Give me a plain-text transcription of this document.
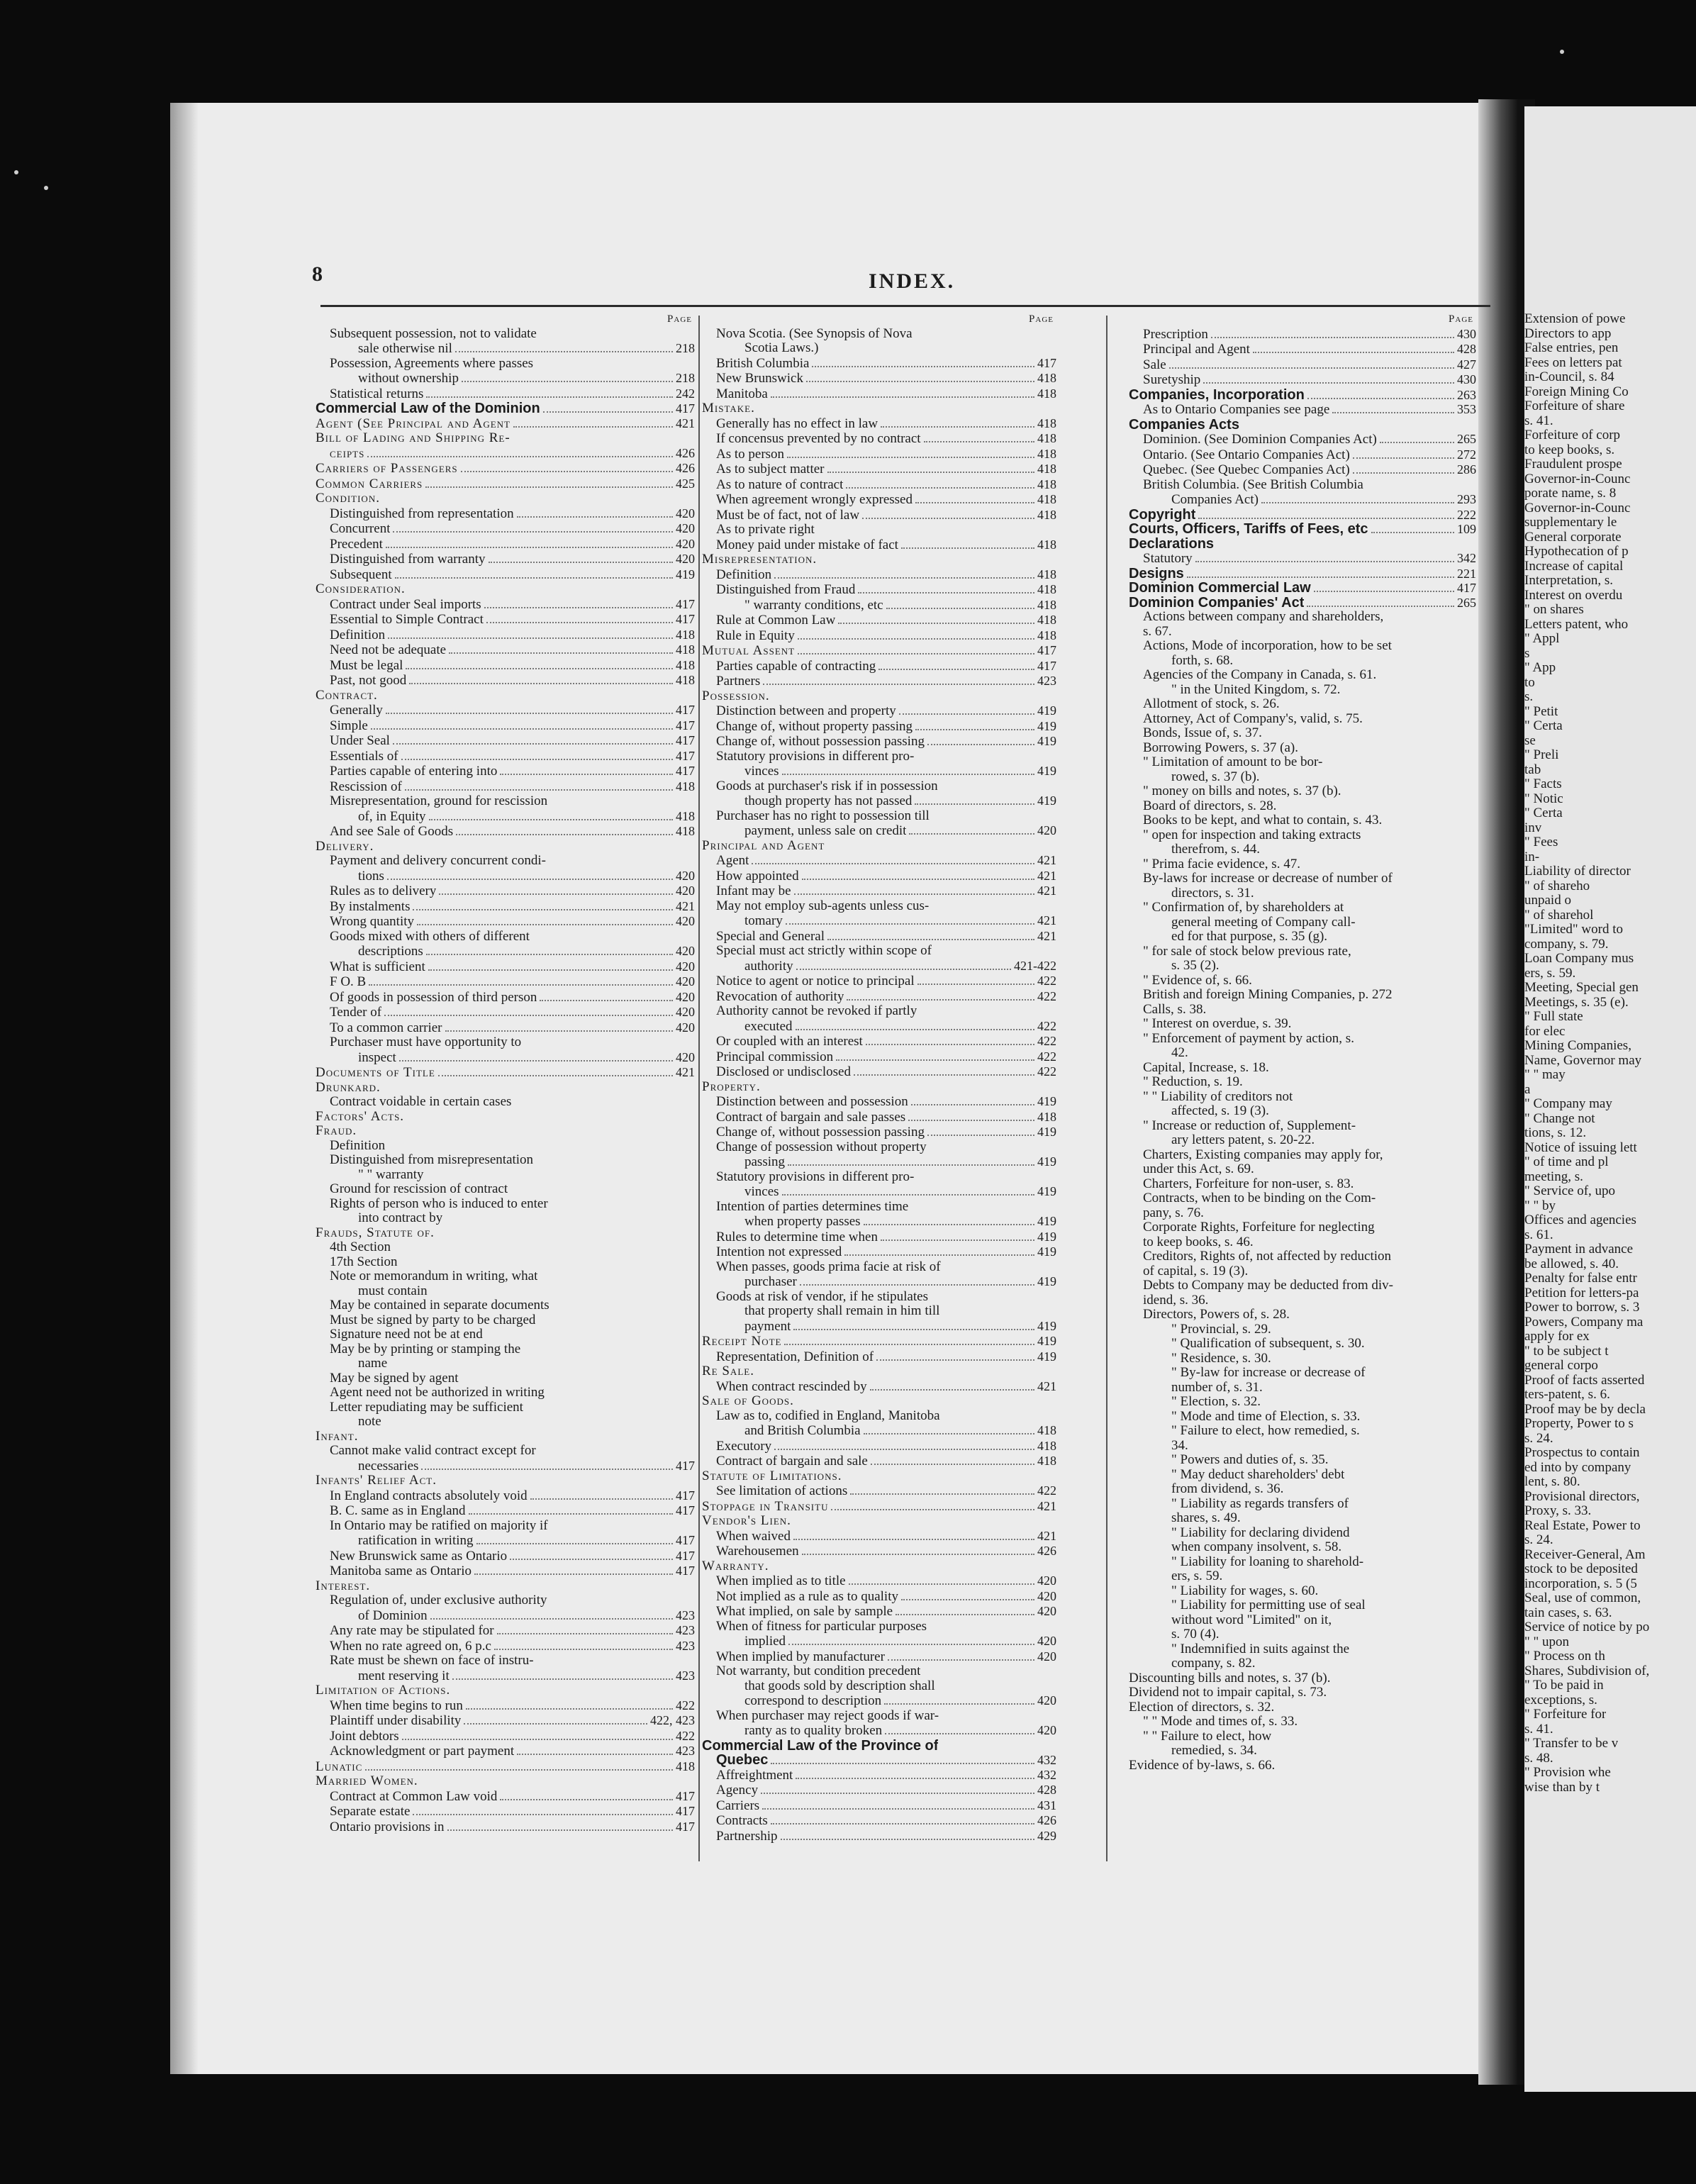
8	INDEX.
Page
Subsequent possession, not to validate
sale otherwise nil	218
Possession, Agreements where passes
without ownership	218
Statistical returns	242
Commercial Law of the Dominion	417
Agent (See Principal and Agent	421
Bill of Lading and Shipping Re-
ceipts	426
Carriers of Passengers	426
Common Carriers	425
Condition.
Distinguished from representation	420
Concurrent	420
Precedent	420
Distinguished from warranty	420
Subsequent	419
Consideration.
Contract under Seal imports	417
Essential to Simple Contract	417
Definition	418
Need not be adequate	418
Must be legal	418
Past, not good	418
Contract.
Generally	417
Simple	417
Under Seal	417
Essentials of	417
Parties capable of entering into	417
Rescission of	418
Misrepresentation, ground for rescission
of, in Equity	418
And see Sale of Goods	418
Delivery.
Payment and delivery concurrent condi-
tions	420
Rules as to delivery	420
By instalments	421
Wrong quantity	420
Goods mixed with others of different
descriptions	420
What is sufficient	420
F O. B	420
Of goods in possession of third person	420
Tender of	420
To a common carrier	420
Purchaser must have opportunity to
inspect	420
Documents of Title	421
Drunkard.
Contract voidable in certain cases
Factors' Acts.
Fraud.
Definition
Distinguished from misrepresentation
" " warranty
Ground for rescission of contract
Rights of person who is induced to enter
into contract by
Frauds, Statute of.
4th Section
17th Section
Note or memorandum in writing, what
must contain
May be contained in separate documents
Must be signed by party to be charged
Signature need not be at end
May be by printing or stamping the
name
May be signed by agent
Agent need not be authorized in writing
Letter repudiating may be sufficient
note
Infant.
Cannot make valid contract except for
necessaries	417
Infants' Relief Act.
In England contracts absolutely void	417
B. C. same as in England	417
In Ontario may be ratified on majority if
ratification in writing	417
New Brunswick same as Ontario	417
Manitoba same as Ontario	417
Interest.
Regulation of, under exclusive authority
of Dominion	423
Any rate may be stipulated for	423
When no rate agreed on, 6 p.c	423
Rate must be shewn on face of instru-
ment reserving it	423
Limitation of Actions.
When time begins to run	422
Plaintiff under disability	422, 423
Joint debtors	422
Acknowledgment or part payment	423
Lunatic	418
Married Women.
Contract at Common Law void	417
Separate estate	417
Ontario provisions in	417
Page
Nova Scotia. (See Synopsis of Nova
Scotia Laws.)
British Columbia	417
New Brunswick	418
Manitoba	418
Mistake.
Generally has no effect in law	418
If concensus prevented by no contract	418
As to person	418
As to subject matter	418
As to nature of contract	418
When agreement wrongly expressed	418
Must be of fact, not of law	418
As to private right
Money paid under mistake of fact	418
Misrepresentation.
Definition	418
Distinguished from Fraud	418
" warranty conditions, etc	418
Rule at Common Law	418
Rule in Equity	418
Mutual Assent	417
Parties capable of contracting	417
Partners	423
Possession.
Distinction between and property	419
Change of, without property passing	419
Change of, without possession passing	419
Statutory provisions in different pro-
vinces	419
Goods at purchaser's risk if in possession
though property has not passed	419
Purchaser has no right to possession till
payment, unless sale on credit	420
Principal and Agent
Agent	421
How appointed	421
Infant may be	421
May not employ sub-agents unless cus-
tomary	421
Special and General	421
Special must act strictly within scope of
authority	421-422
Notice to agent or notice to principal	422
Revocation of authority	422
Authority cannot be revoked if partly
executed	422
Or coupled with an interest	422
Principal commission	422
Disclosed or undisclosed	422
Property.
Distinction between and possession	419
Contract of bargain and sale passes	418
Change of, without possession passing	419
Change of possession without property
passing	419
Statutory provisions in different pro-
vinces	419
Intention of parties determines time
when property passes	419
Rules to determine time when	419
Intention not expressed	419
When passes, goods prima facie at risk of
purchaser	419
Goods at risk of vendor, if he stipulates
that property shall remain in him till
payment	419
Receipt Note	419
Representation, Definition of	419
Re Sale.
When contract rescinded by	421
Sale of Goods.
Law as to, codified in England, Manitoba
and British Columbia	418
Executory	418
Contract of bargain and sale	418
Statute of Limitations.
See limitation of actions	422
Stoppage in Transitu	421
Vendor's Lien.
When waived	421
Warehousemen	426
Warranty.
When implied as to title	420
Not implied as a rule as to quality	420
What implied, on sale by sample	420
When of fitness for particular purposes
implied	420
When implied by manufacturer	420
Not warranty, but condition precedent
that goods sold by description shall
correspond to description	420
When purchaser may reject goods if war-
ranty as to quality broken	420
Commercial Law of the Province of
Quebec	432
Affreightment	432
Agency	428
Carriers	431
Contracts	426
Partnership	429
Page
Prescription	430
Principal and Agent	428
Sale	427
Suretyship	430
Companies, Incorporation	263
As to Ontario Companies see page	353
Companies Acts
Dominion. (See Dominion Companies Act)	265
Ontario. (See Ontario Companies Act)	272
Quebec. (See Quebec Companies Act)	286
British Columbia. (See British Columbia
Companies Act)	293
Copyright	222
Courts, Officers, Tariffs of Fees, etc	109
Declarations
Statutory	342
Designs	221
Dominion Commercial Law	417
Dominion Companies' Act	265
Actions between company and shareholders,
s. 67.
Actions, Mode of incorporation, how to be set
forth, s. 68.
Agencies of the Company in Canada, s. 61.
" in the United Kingdom, s. 72.
Allotment of stock, s. 26.
Attorney, Act of Company's, valid, s. 75.
Bonds, Issue of, s. 37.
Borrowing Powers, s. 37 (a).
" Limitation of amount to be bor-
rowed, s. 37 (b).
" money on bills and notes, s. 37 (b).
Board of directors, s. 28.
Books to be kept, and what to contain, s. 43.
" open for inspection and taking extracts
therefrom, s. 44.
" Prima facie evidence, s. 47.
By-laws for increase or decrease of number of
directors, s. 31.
" Confirmation of, by shareholders at
general meeting of Company call-
ed for that purpose, s. 35 (g).
" for sale of stock below previous rate,
s. 35 (2).
" Evidence of, s. 66.
British and foreign Mining Companies, p. 272
Calls, s. 38.
" Interest on overdue, s. 39.
" Enforcement of payment by action, s.
42.
Capital, Increase, s. 18.
" Reduction, s. 19.
" " Liability of creditors not
affected, s. 19 (3).
" Increase or reduction of, Supplement-
ary letters patent, s. 20-22.
Charters, Existing companies may apply for,
under this Act, s. 69.
Charters, Forfeiture for non-user, s. 83.
Contracts, when to be binding on the Com-
pany, s. 76.
Corporate Rights, Forfeiture for neglecting
to keep books, s. 46.
Creditors, Rights of, not affected by reduction
of capital, s. 19 (3).
Debts to Company may be deducted from div-
idend, s. 36.
Directors, Powers of, s. 28.
" Provincial, s. 29.
" Qualification of subsequent, s. 30.
" Residence, s. 30.
" By-law for increase or decrease of
number of, s. 31.
" Election, s. 32.
" Mode and time of Election, s. 33.
" Failure to elect, how remedied, s.
34.
" Powers and duties of, s. 35.
" May deduct shareholders' debt
from dividend, s. 36.
" Liability as regards transfers of
shares, s. 49.
" Liability for declaring dividend
when company insolvent, s. 58.
" Liability for loaning to sharehold-
ers, s. 59.
" Liability for wages, s. 60.
" Liability for permitting use of seal
without word "Limited" on it,
s. 70 (4).
" Indemnified in suits against the
company, s. 82.
Discounting bills and notes, s. 37 (b).
Dividend not to impair capital, s. 73.
Election of directors, s. 32.
" " Mode and times of, s. 33.
" " Failure to elect, how
remedied, s. 34.
Evidence of by-laws, s. 66.
Extension of powe
Directors to app
False entries, pen
Fees on letters pat
in-Council, s. 84
Foreign Mining Co
Forfeiture of share
s. 41.
Forfeiture of corp
to keep books, s.
Fraudulent prospe
Governor-in-Counc
porate name, s. 8
Governor-in-Counc
supplementary le
General corporate
Hypothecation of p
Increase of capital
Interpretation, s.
Interest on overdu
" on shares
Letters patent, who
" Appl
s
" App
to
s.
" Petit
" Certa
se
" Preli
tab
" Facts
" Notic
" Certa
inv
" Fees
in-
Liability of director
" of shareho
unpaid o
" of sharehol
"Limited" word to
company, s. 79.
Loan Company mus
ers, s. 59.
Meeting, Special gen
Meetings, s. 35 (e).
" Full state
for elec
Mining Companies,
Name, Governor may
" " may
a
" Company may
" Change not
tions, s. 12.
Notice of issuing lett
" of time and pl
meeting, s.
" Service of, upo
" " by
Offices and agencies
s. 61.
Payment in advance
be allowed, s. 40.
Penalty for false entr
Petition for letters-pa
Power to borrow, s. 3
Powers, Company ma
apply for ex
" to be subject t
general corpo
Proof of facts asserted
ters-patent, s. 6.
Proof may be by decla
Property, Power to s
s. 24.
Prospectus to contain
ed into by company
lent, s. 80.
Provisional directors,
Proxy, s. 33.
Real Estate, Power to
s. 24.
Receiver-General, Am
stock to be deposited
incorporation, s. 5 (5
Seal, use of common,
tain cases, s. 63.
Service of notice by po
" " upon
" Process on th
Shares, Subdivision of,
" To be paid in
exceptions, s.
" Forfeiture for
s. 41.
" Transfer to be v
s. 48.
" Provision whe
wise than by t
